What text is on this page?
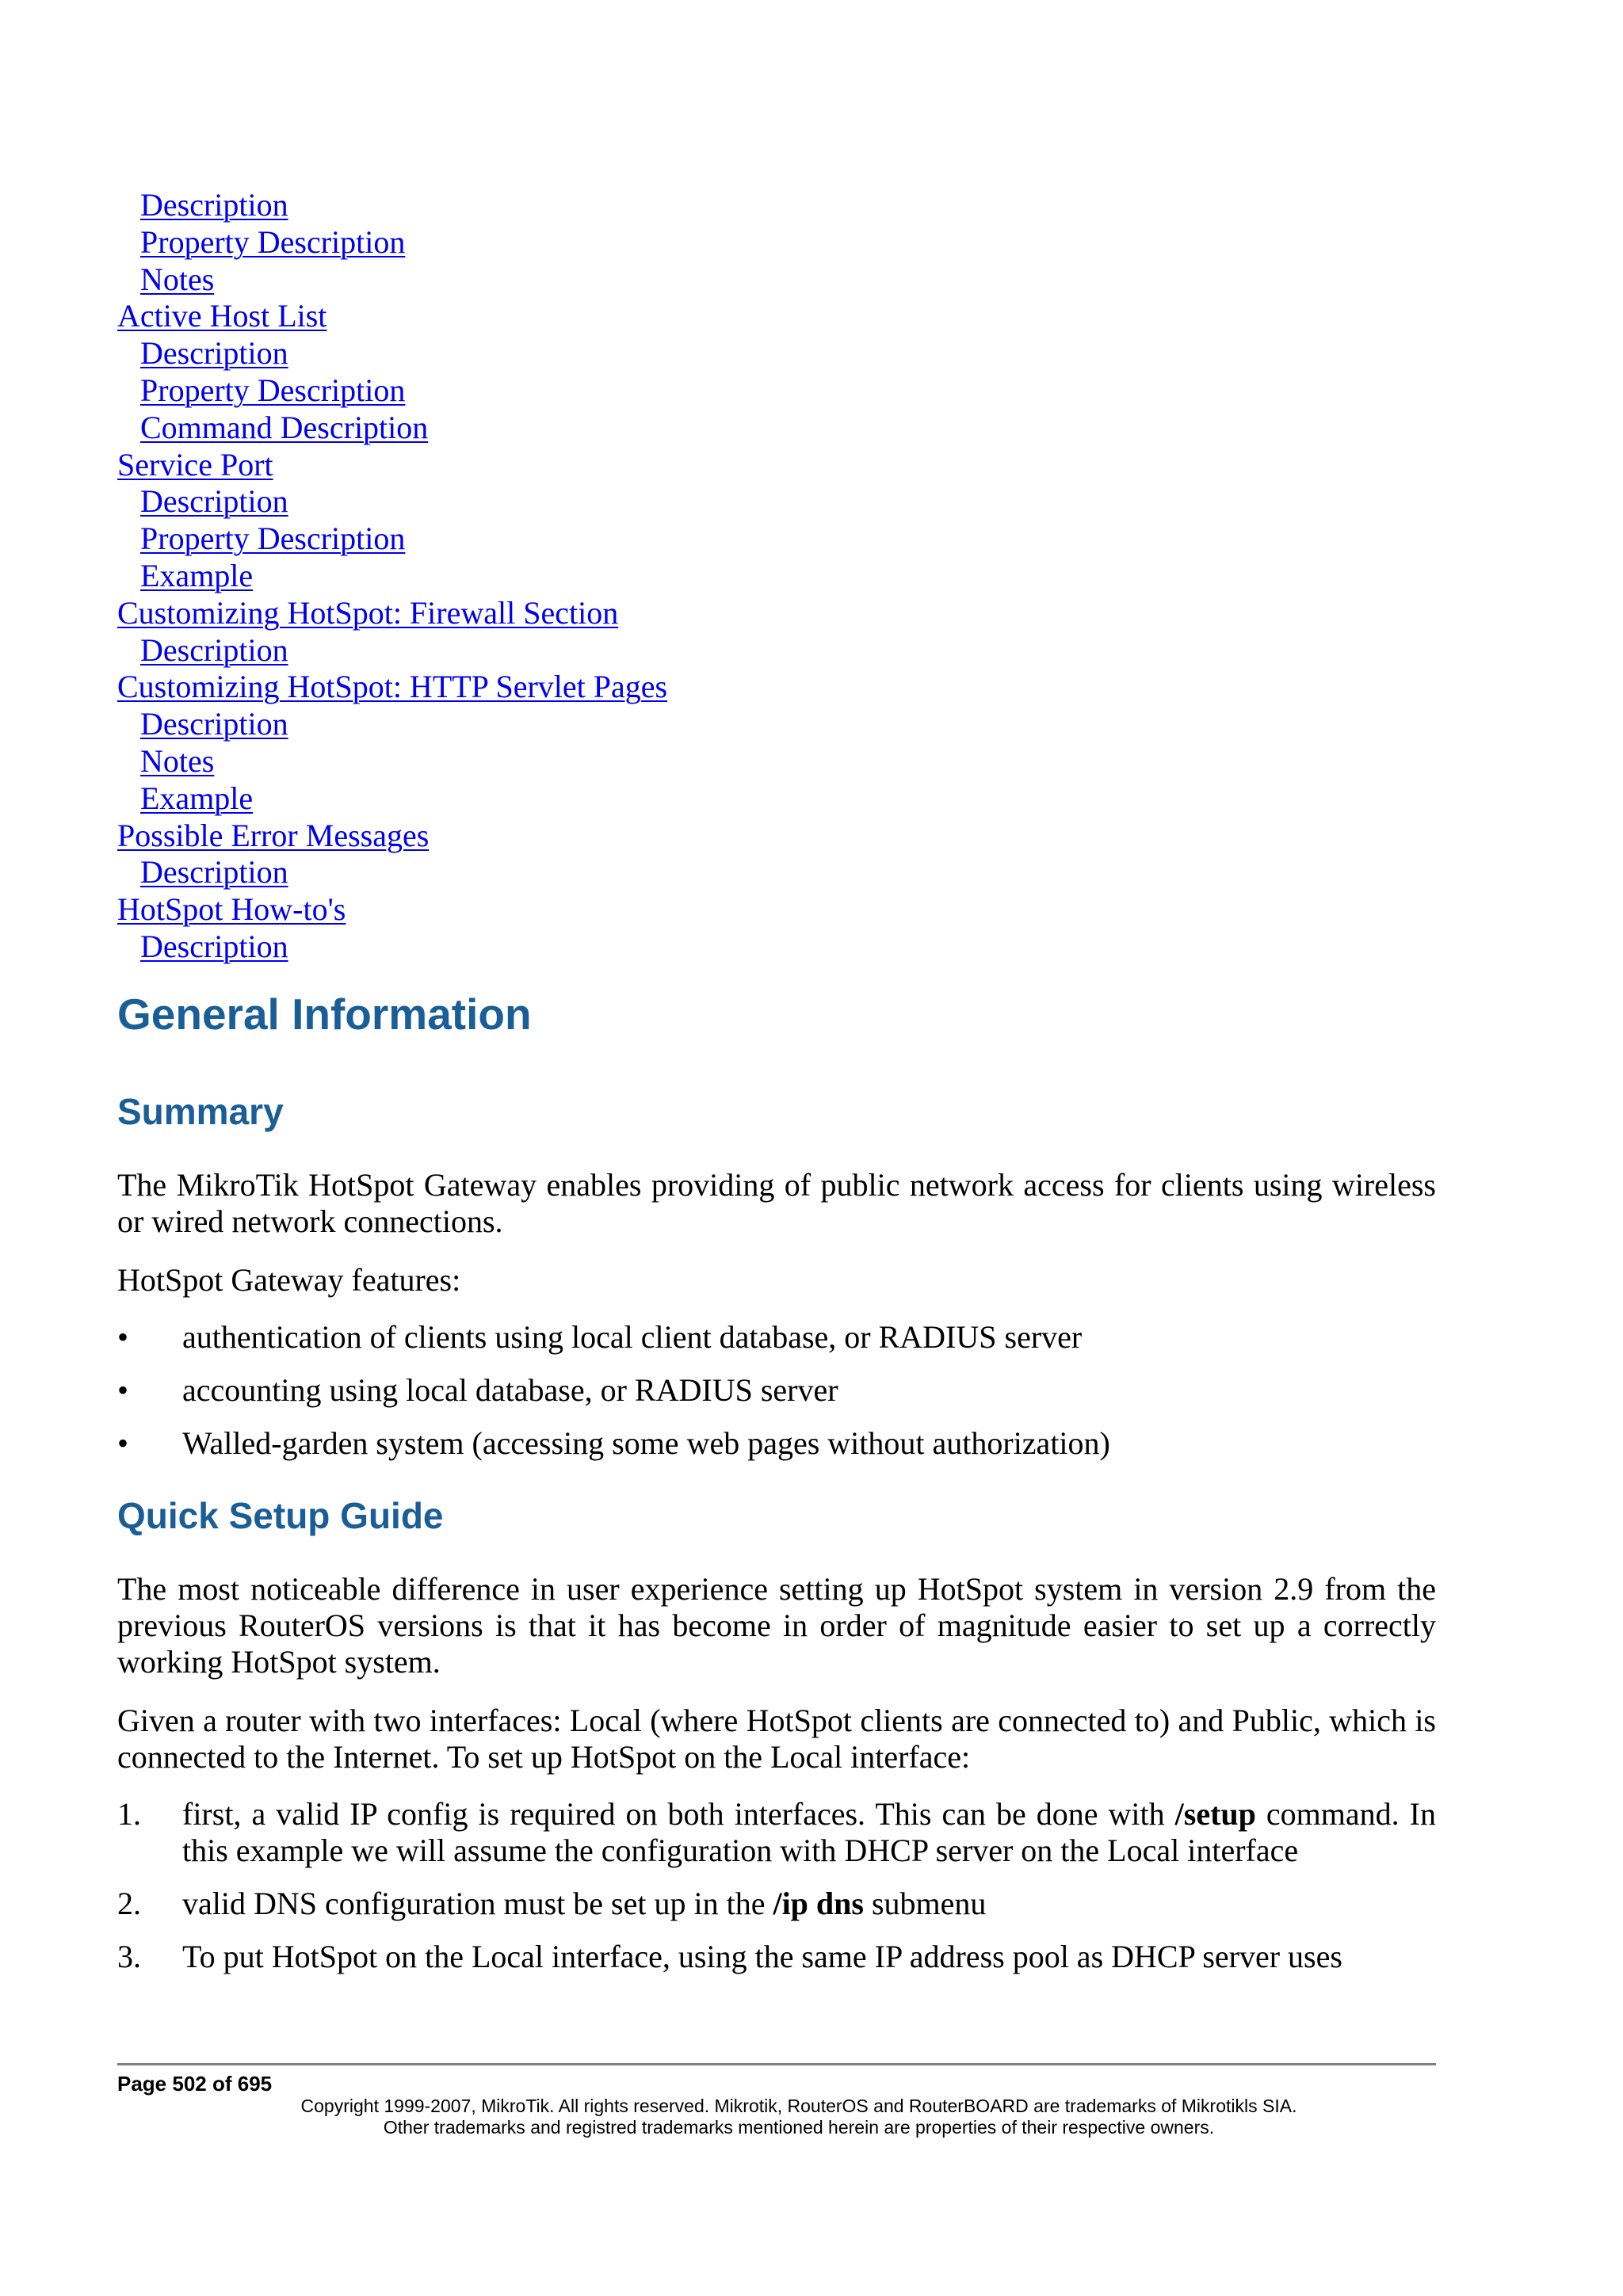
Description
Property Description
Notes
Active Host List
Description
Property Description
Command Description
Service Port
Description
Property Description
Example
Customizing HotSpot: Firewall Section
Description
Customizing HotSpot: HTTP Servlet Pages
Description
Notes
Example
Possible Error Messages
Description
HotSpot How-to's
Description
General Information
Summary

The MikroTik HotSpot Gateway enables providing of public network access for clients using wireless or wired network connections.

HotSpot Gateway features:

• authentication of clients using local client database, or RADIUS server
• accounting using local database, or RADIUS server
• Walled-garden system (accessing some web pages without authorization)
Quick Setup Guide

The most noticeable difference in user experience setting up HotSpot system in version 2.9 from the previous RouterOS versions is that it has become in order of magnitude easier to set up a correctly working HotSpot system.

Given a router with two interfaces: Local (where HotSpot clients are connected to) and Public, which is connected to the Internet. To set up HotSpot on the Local interface:

1. first, a valid IP config is required on both interfaces. This can be done with /setup command. In this example we will assume the configuration with DHCP server on the Local interface
2. valid DNS configuration must be set up in the /ip dns submenu
3. To put HotSpot on the Local interface, using the same IP address pool as DHCP server uses
Page 502 of 695
Copyright 1999-2007, MikroTik. All rights reserved. Mikrotik, RouterOS and RouterBOARD are trademarks of Mikrotikls SIA.
Other trademarks and registred trademarks mentioned herein are properties of their respective owners.
